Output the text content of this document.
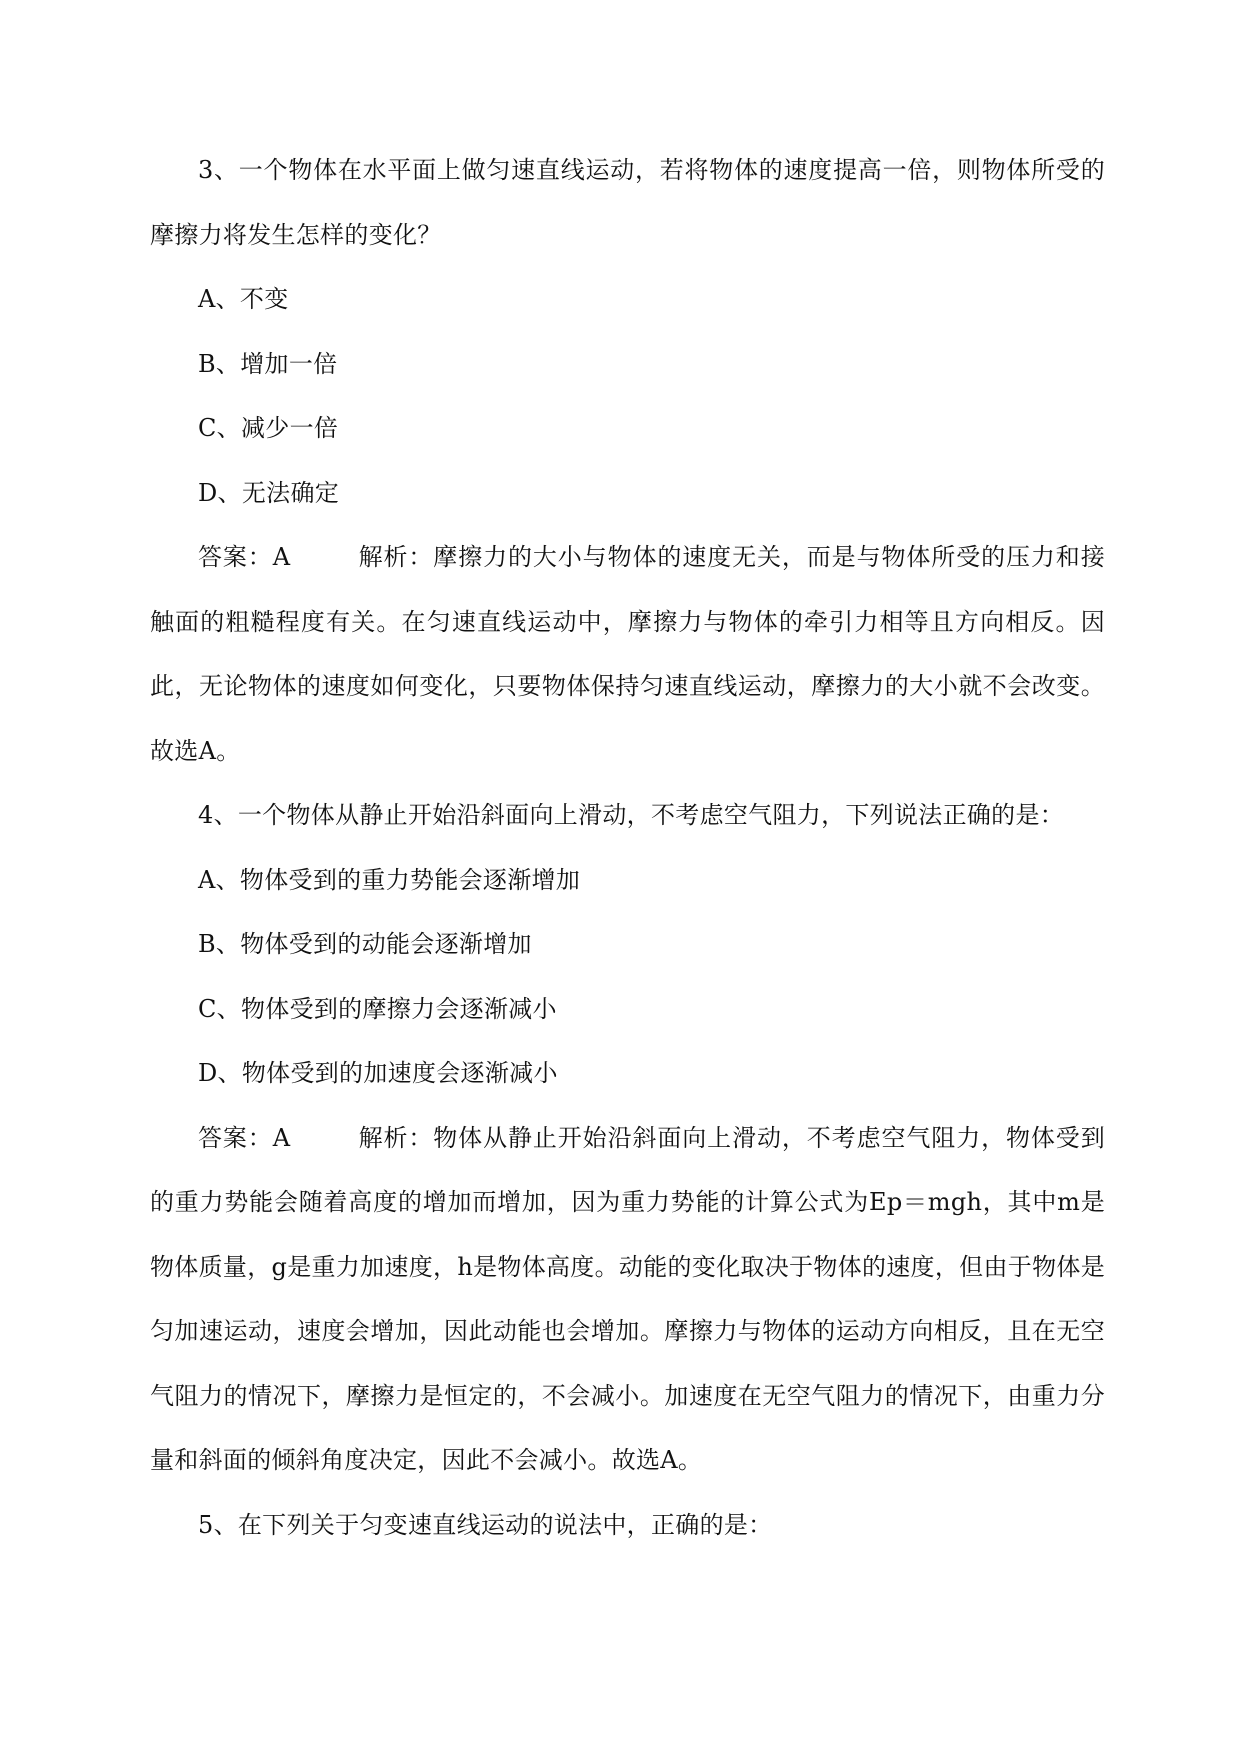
3、一个物体在水平面上做匀速直线运动，若将物体的速度提高一倍，则物体所受的摩擦力将发生怎样的变化？

A、不变

B、增加一倍

C、减少一倍

D、无法确定

答案：A        解析：摩擦力的大小与物体的速度无关，而是与物体所受的压力和接触面的粗糙程度有关。在匀速直线运动中，摩擦力与物体的牵引力相等且方向相反。因此，无论物体的速度如何变化，只要物体保持匀速直线运动，摩擦力的大小就不会改变。故选A。

4、一个物体从静止开始沿斜面向上滑动，不考虑空气阻力，下列说法正确的是：

A、物体受到的重力势能会逐渐增加

B、物体受到的动能会逐渐增加

C、物体受到的摩擦力会逐渐减小

D、物体受到的加速度会逐渐减小

答案：A        解析：物体从静止开始沿斜面向上滑动，不考虑空气阻力，物体受到的重力势能会随着高度的增加而增加，因为重力势能的计算公式为Ep＝mgh，其中m是物体质量，g是重力加速度，h是物体高度。动能的变化取决于物体的速度，但由于物体是匀加速运动，速度会增加，因此动能也会增加。摩擦力与物体的运动方向相反，且在无空气阻力的情况下，摩擦力是恒定的，不会减小。加速度在无空气阻力的情况下，由重力分量和斜面的倾斜角度决定，因此不会减小。故选A。

5、在下列关于匀变速直线运动的说法中，正确的是：
